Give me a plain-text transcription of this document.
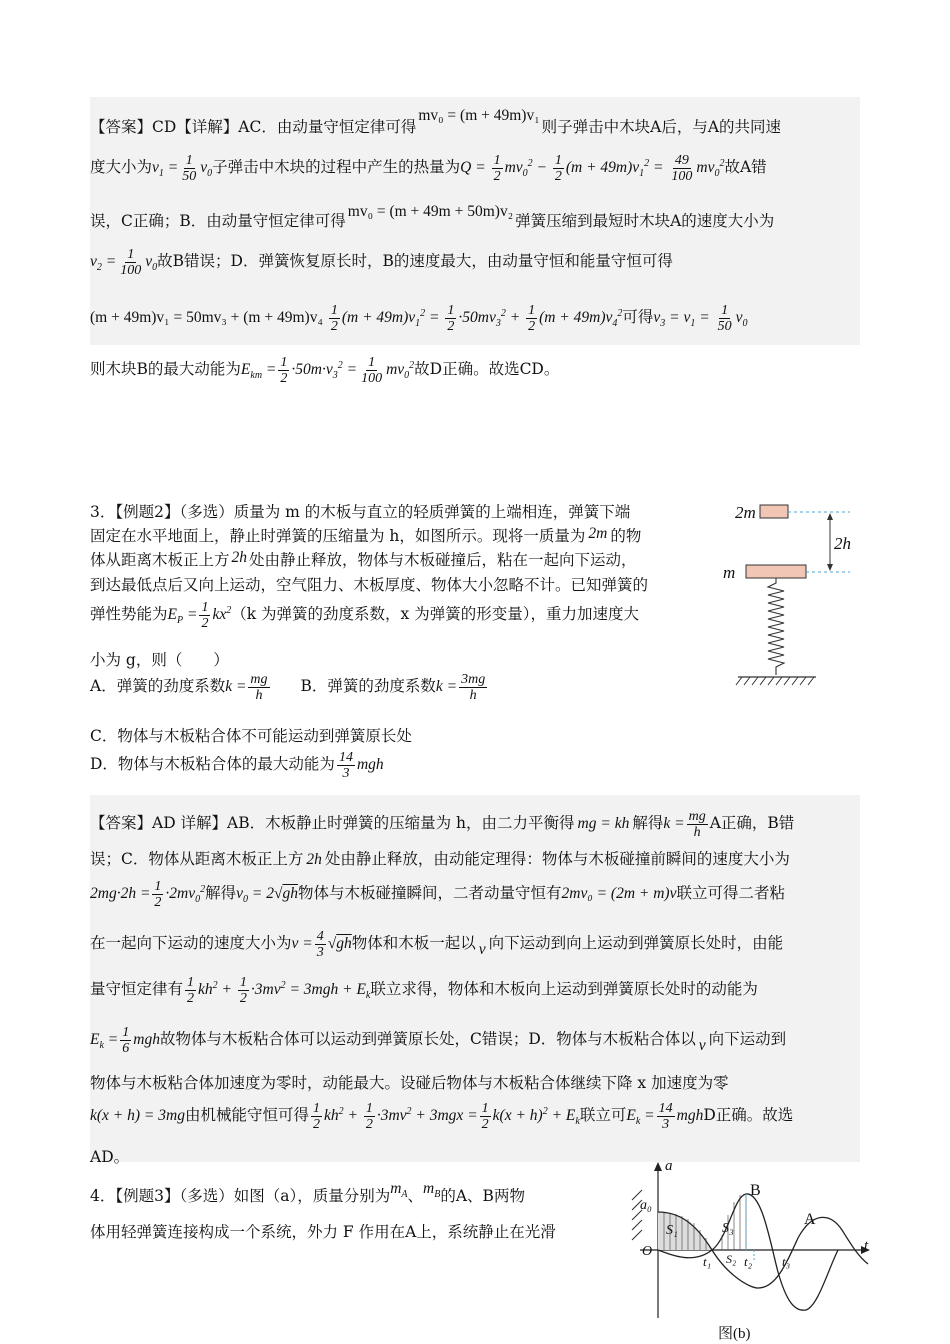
【答案】CD【详解】AC．由动量守恒定律可得mv₀ = (m + 49m)v₁则子弹击中木块A后，与A的共同速
度大小为$v_1 = \frac{1}{50} v_0$子弹击中木块的过程中产生的热量为$Q = \frac{1}{2} mv_0^2 - \frac{1}{2} (m + 49m)v_1^2 = \frac{49}{100} mv_0^2$故A错
误，C正确；B．由动量守恒定律可得mv₀ = (m + 49m + 50m)v₂弹簧压缩到最短时木块A的速度大小为
$v_2 = \frac{1}{100} v_0$故B错误；D．弹簧恢复原长时，B的速度最大，由动量守恒和能量守恒可得
$(m + 49m)v_1 = 50mv_3 + (m + 49m)v_4 \frac{1}{2} (m + 49m)v_1^2 = \frac{1}{2} \cdot 50mv_3^2 + \frac{1}{2} (m + 49m)v_4^2$可得$v_3 = v_1 = \frac{1}{50} v_0$
则木块B的最大动能为$E_{km} = \frac{1}{2} \cdot 50m\cdot v_3^2 = \frac{1}{100} mv_0^2$故D正确。故选CD。
3．【例题2】（多选）质量为 m 的木板与直立的轻质弹簧的上端相连，弹簧下端
固定在水平地面上，静止时弹簧的压缩量为 h，如图所示。现将一质量为 2m 的物
体从距离木板正上方 2h 处由静止释放，物体与木板碰撞后，粘在一起向下运动，
到达最低点后又向上运动，空气阻力、木板厚度、物体大小忽略不计。已知弹簧的
弹性势能为$E_P = \frac{1}{2} kx^2(k$ 为弹簧的劲度系数，x 为弹簧的形变量），重力加速度大
小为 g，则（　　）
A．弹簧的劲度系数$k = \frac{mg}{h}$ B．弹簧的劲度系数$k = \frac{3mg}{h}$
C．物体与木板粘合体不可能运动到弹簧原长处
D．物体与木板粘合体的最大动能为 $\frac{14}{3}$ mgh
2m
m
2h
【答案】AD 详解】AB．木板静止时弹簧的压缩量为 h，由二力平衡得 mg = kh 解得$k = \frac{mg}{h}$ A正确，B错
误；C．物体从距离木板正上方 2h 处由静止释放，由动能定理得：物体与木板碰撞前瞬间的速度大小为
$2mg\cdot 2h = \frac{1}{2} \cdot 2mv_0^2$解得$v_0 = 2√gh$物体与木板碰撞瞬间，二者动量守恒有2mv₀ = (2m + m)v联立可得二者粘
在一起向下运动的速度大小为$v = \frac{4}{3} √gh$物体和木板一起以 v 向下运动到向上运动到弹簧原长处时，由能
量守恒定律有 $\frac{1}{2} kh^2 + \frac{1}{2} \cdot 3mv^2 = 3mgh + E_k$联立求得，物体和木板向上运动到弹簧原长处时的动能为
$E_k = \frac{1}{6}$ mgh故物体与木板粘合体可以运动到弹簧原长处，C错误；D．物体与木板粘合体以 v 向下运动到
物体与木板粘合体加速度为零时，动能最大。设碰后物体与木板粘合体继续下降 x 加速度为零
k(x + h) = 3mg由机械能守恒可得 $\frac{1}{2} kh^2 + \frac{1}{2} \cdot 3mv^2 + 3mgx = \frac{1}{2} k(x + h)^2 + E_k$联立可$E_k = \frac{14}{3}$ mghD正确。故选
AD。
4．【例题3】（多选）如图（a），质量分别为$m_A$、$m_B$的A、B两物
体用轻弹簧连接构成一个系统，外力 F 作用在A上，系统静止在光滑
a
a₀
O	t
t₁	t₂ t₃
S₁
S₂
S₃
B
A
图(b)
